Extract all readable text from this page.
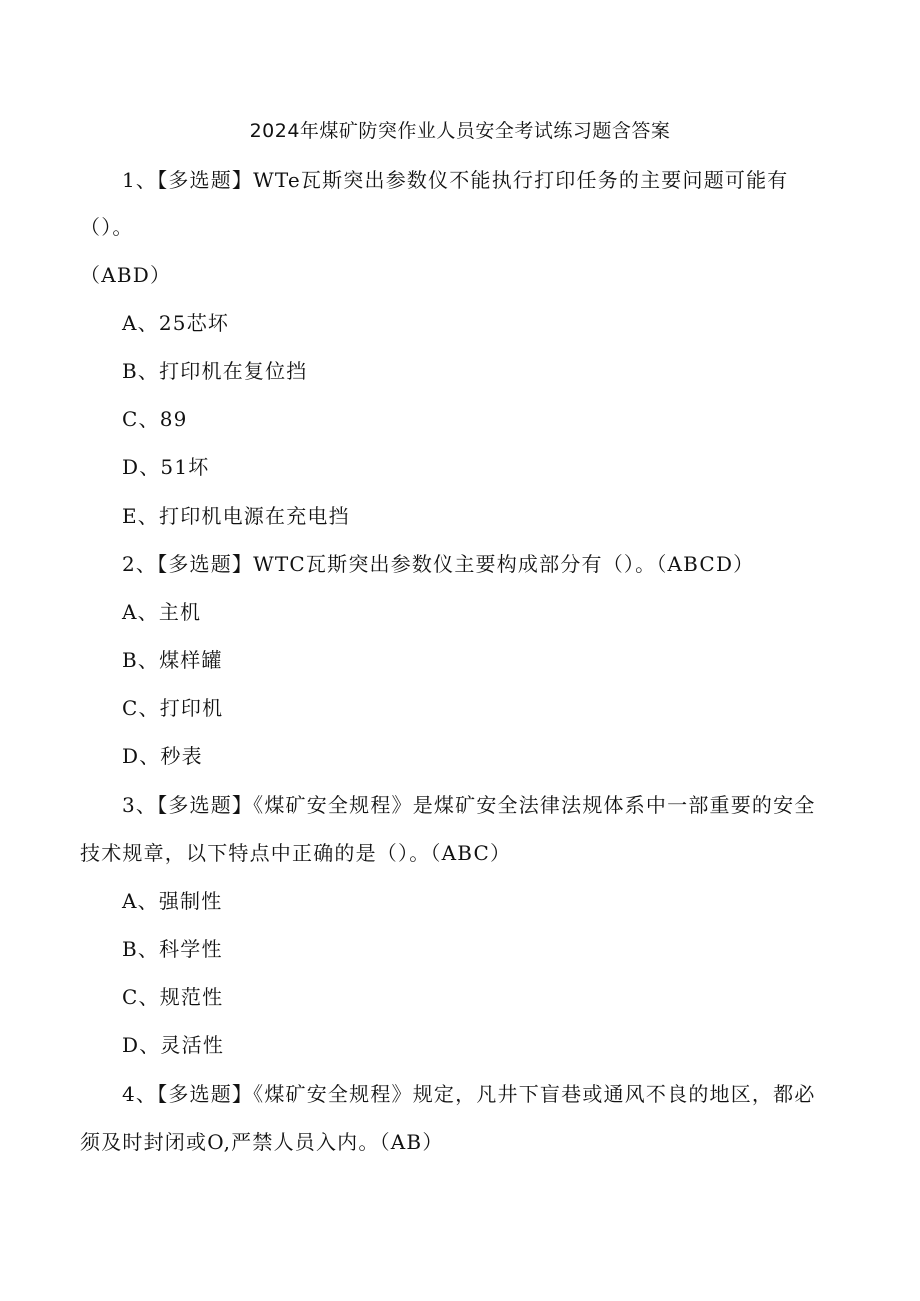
2024年煤矿防突作业人员安全考试练习题含答案
1、【多选题】WTe瓦斯突出参数仪不能执行打印任务的主要问题可能有
（）。
（ABD）
A、25芯坏
B、打印机在复位挡
C、89
D、51坏
E、打印机电源在充电挡
2、【多选题】WTC瓦斯突出参数仪主要构成部分有（）。（ABCD）
A、主机
B、煤样罐
C、打印机
D、秒表
3、【多选题】《煤矿安全规程》是煤矿安全法律法规体系中一部重要的安全
技术规章，以下特点中正确的是（）。（ABC）
A、强制性
B、科学性
C、规范性
D、灵活性
4、【多选题】《煤矿安全规程》规定，凡井下盲巷或通风不良的地区，都必
须及时封闭或O,严禁人员入内。（AB）
